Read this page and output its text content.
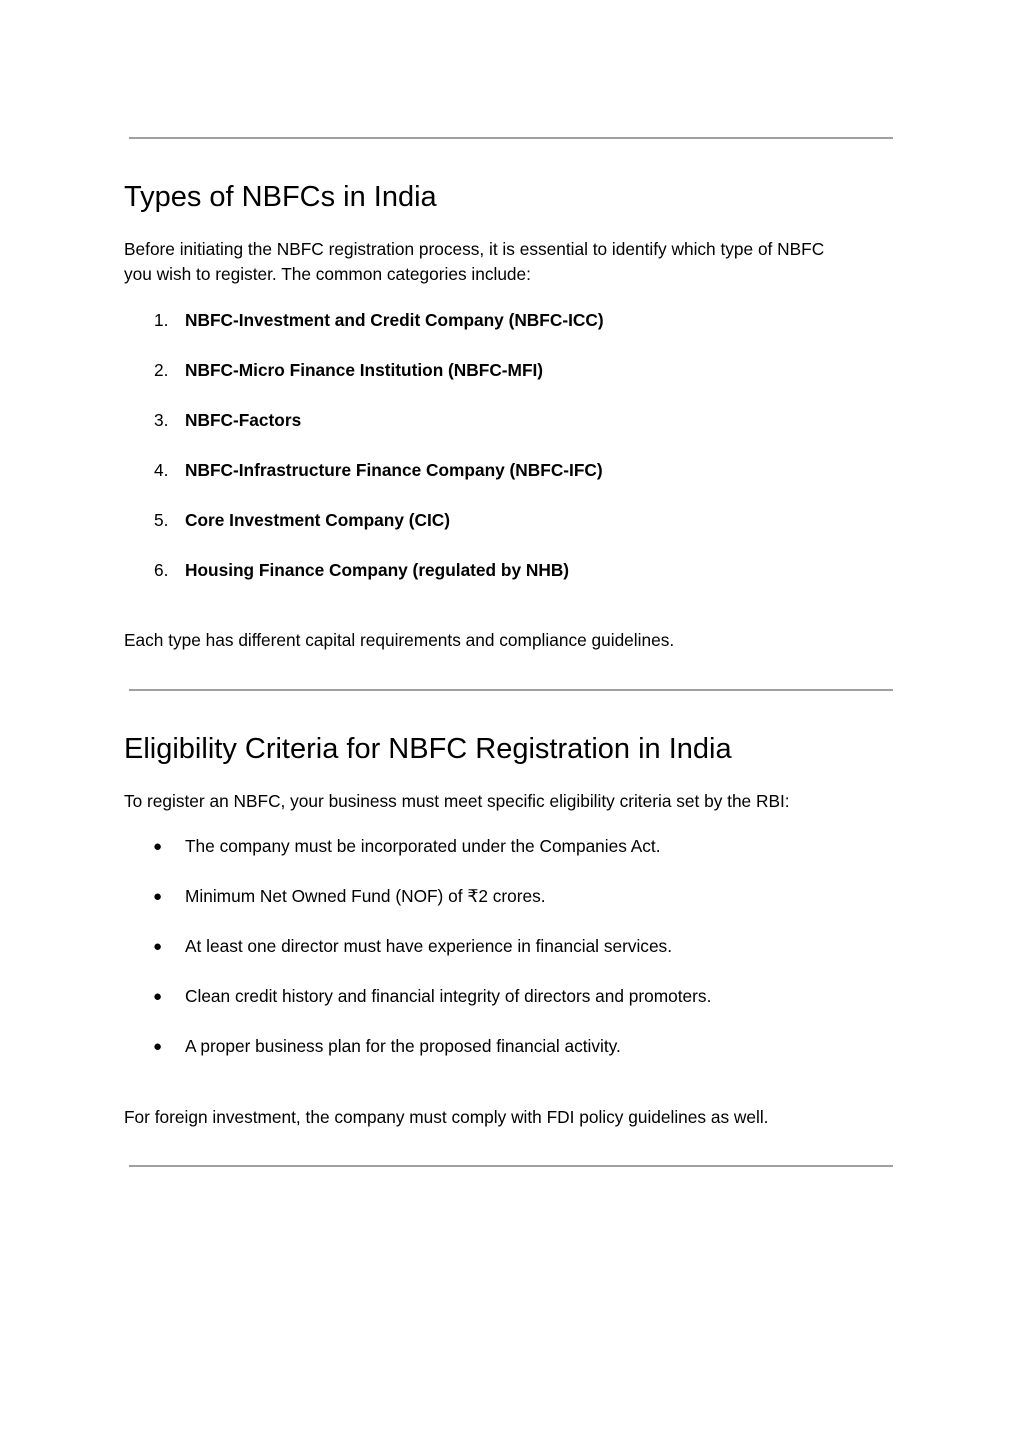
Types of NBFCs in India

Before initiating the NBFC registration process, it is essential to identify which type of NBFC
you wish to register. The common categories include:

1. NBFC-Investment and Credit Company (NBFC-ICC)
2. NBFC-Micro Finance Institution (NBFC-MFI)
3. NBFC-Factors
4. NBFC-Infrastructure Finance Company (NBFC-IFC)
5. Core Investment Company (CIC)
6. Housing Finance Company (regulated by NHB)

Each type has different capital requirements and compliance guidelines.

Eligibility Criteria for NBFC Registration in India

To register an NBFC, your business must meet specific eligibility criteria set by the RBI:

●	The company must be incorporated under the Companies Act.
●	Minimum Net Owned Fund (NOF) of ₹2 crores.
●	At least one director must have experience in financial services.
●	Clean credit history and financial integrity of directors and promoters.
●	A proper business plan for the proposed financial activity.

For foreign investment, the company must comply with FDI policy guidelines as well.
